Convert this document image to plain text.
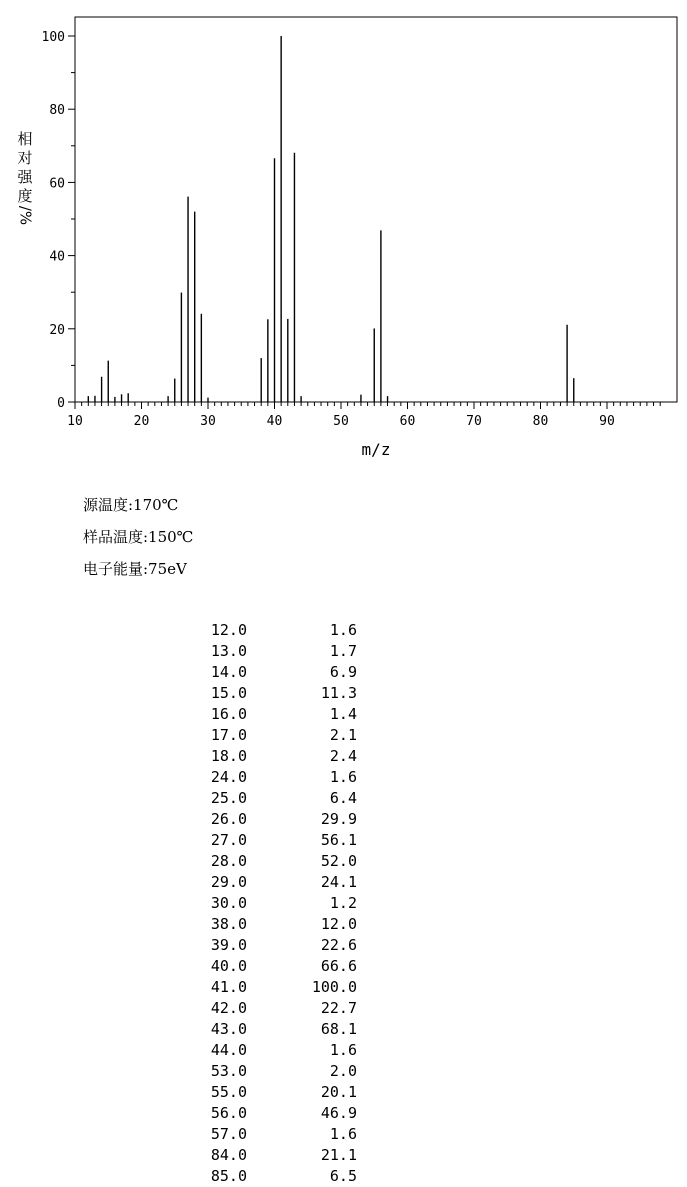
0
20
40
60
80
100
10	20	30	40	50	60	70	80	90
m/z
相
对
强
度
/%
源温度:170℃
样品温度:150℃
电子能量:75eV
12.0	1.6
13.0	1.7
14.0	6.9
15.0	11.3
16.0	1.4
17.0	2.1
18.0	2.4
24.0	1.6
25.0	6.4
26.0	29.9
27.0	56.1
28.0	52.0
29.0	24.1
30.0	1.2
38.0	12.0
39.0	22.6
40.0	66.6
41.0	100.0
42.0	22.7
43.0	68.1
44.0	1.6
53.0	2.0
55.0	20.1
56.0	46.9
57.0	1.6
84.0	21.1
85.0	6.5
